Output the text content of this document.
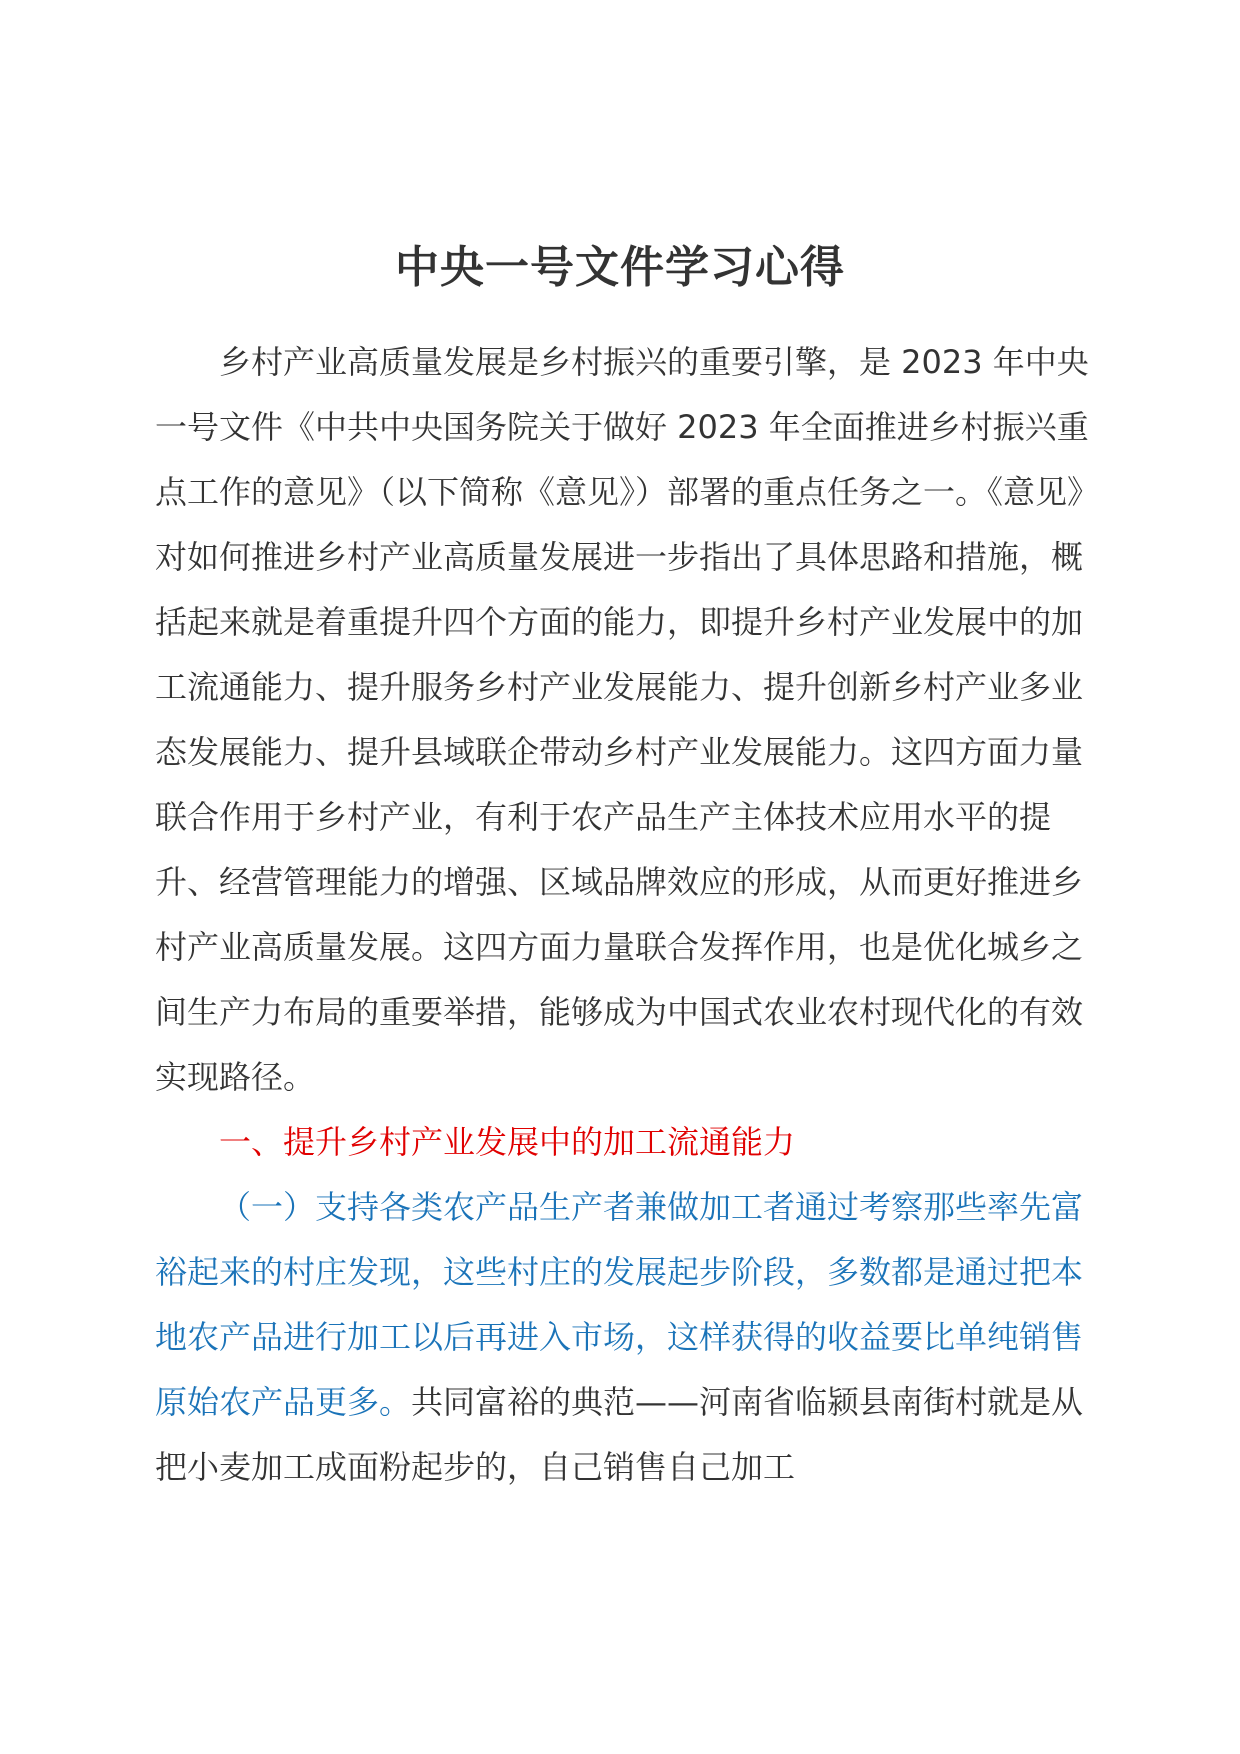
中央一号文件学习心得

乡村产业高质量发展是乡村振兴的重要引擎，是 2023 年中央一号文件《中共中央国务院关于做好 2023 年全面推进乡村振兴重点工作的意见》（以下简称《意见》）部署的重点任务之一。《意见》对如何推进乡村产业高质量发展进一步指出了具体思路和措施，概括起来就是着重提升四个方面的能力，即提升乡村产业发展中的加工流通能力、提升服务乡村产业发展能力、提升创新乡村产业多业态发展能力、提升县域联企带动乡村产业发展能力。这四方面力量联合作用于乡村产业，有利于农产品生产主体技术应用水平的提升、经营管理能力的增强、区域品牌效应的形成，从而更好推进乡村产业高质量发展。这四方面力量联合发挥作用，也是优化城乡之间生产力布局的重要举措，能够成为中国式农业农村现代化的有效实现路径。

一、提升乡村产业发展中的加工流通能力

（一）支持各类农产品生产者兼做加工者通过考察那些率先富裕起来的村庄发现，这些村庄的发展起步阶段，多数都是通过把本地农产品进行加工以后再进入市场，这样获得的收益要比单纯销售原始农产品更多。共同富裕的典范——河南省临颍县南街村就是从把小麦加工成面粉起步的，自己销售自己加工
